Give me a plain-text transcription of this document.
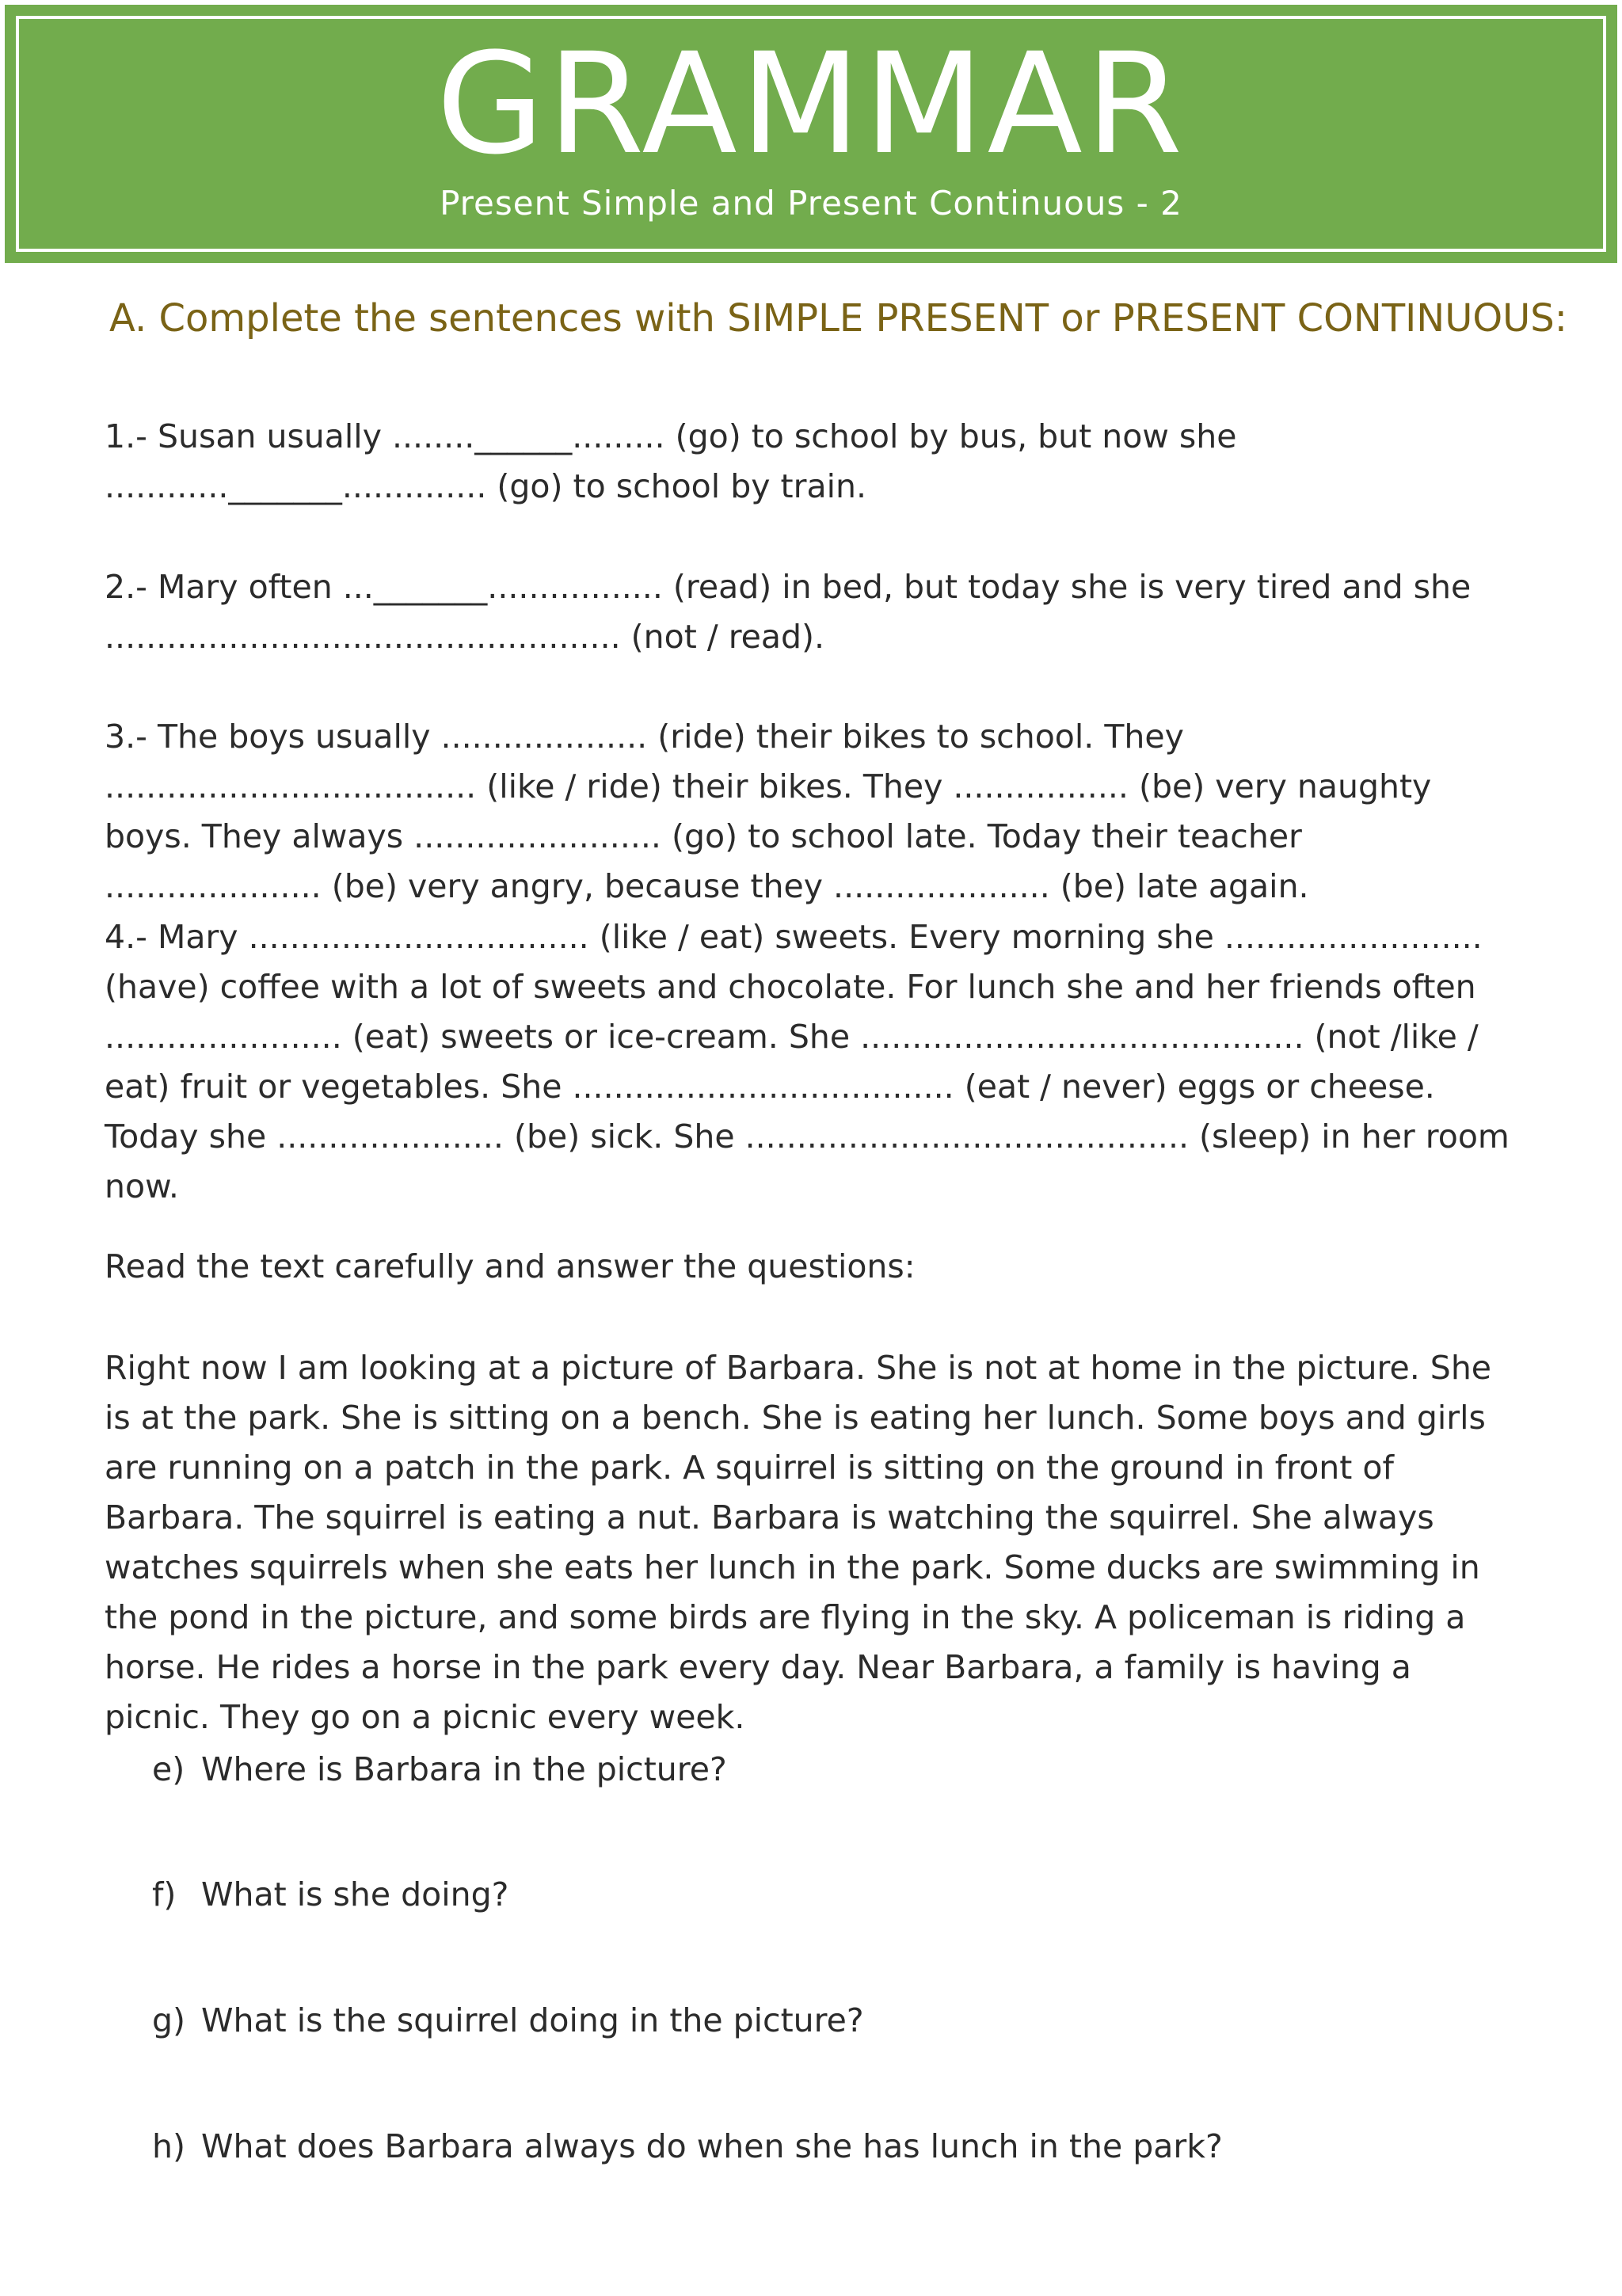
GRAMMAR
Present Simple and Present Continuous - 2
A. Complete the sentences with SIMPLE PRESENT or PRESENT CONTINUOUS:

1.- Susan usually ........______......... (go) to school by bus, but now she ............_______.............. (go) to school by train.

2.- Mary often ..._______................. (read) in bed, but today she is very tired and she .................................................. (not / read).

3.- The boys usually .................... (ride) their bikes to school. They .................................... (like / ride) their bikes. They ................. (be) very naughty boys. They always ........................ (go) to school late. Today their teacher ..................... (be) very angry, because they ..................... (be) late again.

4.- Mary ................................. (like / eat) sweets. Every morning she .........................(have) coffee with a lot of sweets and chocolate. For lunch she and her friends often ....................... (eat) sweets or ice-cream. She ........................................... (not /like / eat) fruit or vegetables. She ..................................... (eat / never) eggs or cheese. Today she ...................... (be) sick. She ........................................... (sleep) in her room now.

Read the text carefully and answer the questions:

Right now I am looking at a picture of Barbara. She is not at home in the picture. She is at the park. She is sitting on a bench. She is eating her lunch. Some boys and girls are running on a patch in the park. A squirrel is sitting on the ground in front of Barbara. The squirrel is eating a nut. Barbara is watching the squirrel. She always watches squirrels when she eats her lunch in the park. Some ducks are swimming in the pond in the picture, and some birds are flying in the sky. A policeman is riding a horse. He rides a horse in the park every day. Near Barbara, a family is having a picnic. They go on a picnic every week.

e) Where is Barbara in the picture?
f) What is she doing?
g) What is the squirrel doing in the picture?
h) What does Barbara always do when she has lunch in the park?
